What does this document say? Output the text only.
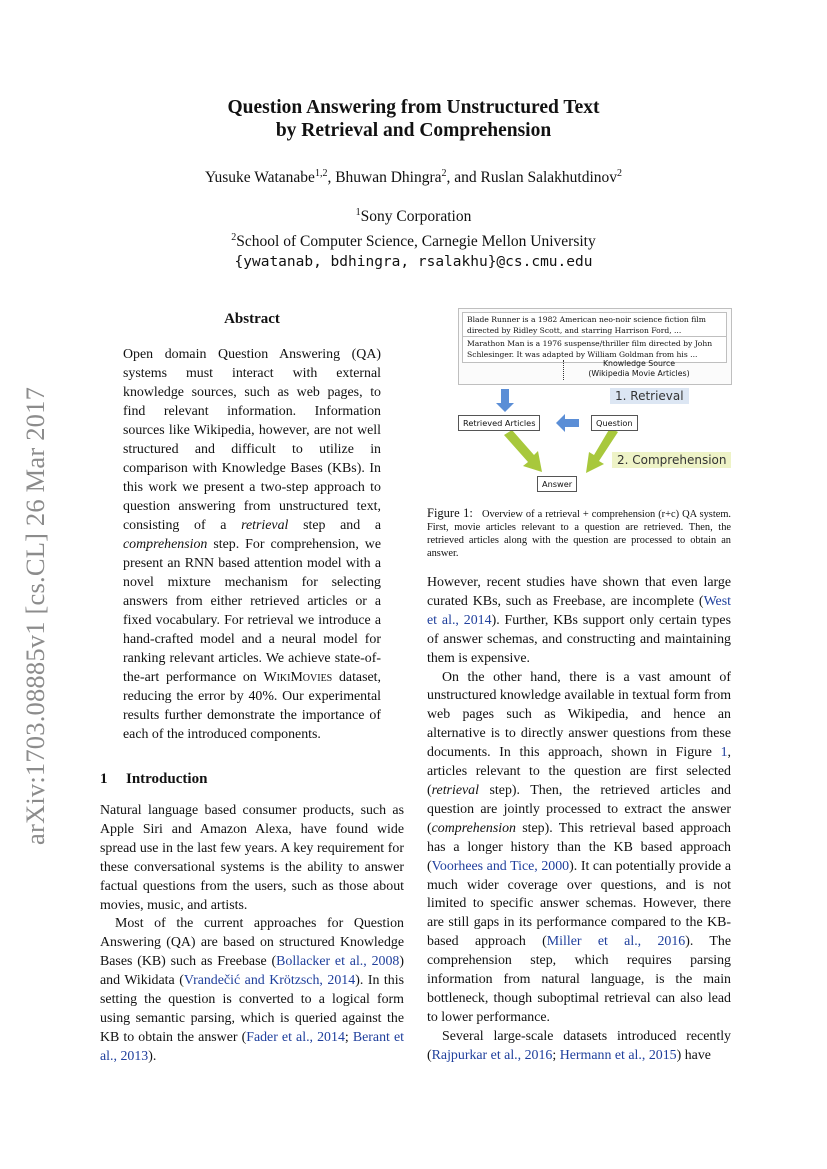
arXiv:1703.08885v1 [cs.CL] 26 Mar 2017
Question Answering from Unstructured Text
by Retrieval and Comprehension
Yusuke Watanabe$^{1,2}$, Bhuwan Dhingra$^2$, and Ruslan Salakhutdinov$^2$
$^1$Sony Corporation
$^2$School of Computer Science, Carnegie Mellon University
{ywatanab, bdhingra, rsalakhu}@cs.cmu.edu
Abstract
Open domain Question Answering (QA) systems must interact with external knowledge sources, such as web pages, to find relevant information. Information sources like Wikipedia, however, are not well structured and difficult to utilize in comparison with Knowledge Bases (KBs). In this work we present a two-step approach to question answering from unstructured text, consisting of a retrieval step and a comprehension step. For comprehension, we present an RNN based attention model with a novel mixture mechanism for selecting answers from either retrieved articles or a fixed vocabulary. For retrieval we introduce a hand-crafted model and a neural model for ranking relevant articles. We achieve state-of-the-art performance on WikiMovies dataset, reducing the error by 40%. Our experimental results further demonstrate the importance of each of the introduced components.
1 Introduction

Natural language based consumer products, such as Apple Siri and Amazon Alexa, have found wide spread use in the last few years. A key requirement for these conversational systems is the ability to answer factual questions from the users, such as those about movies, music, and artists.

Most of the current approaches for Question Answering (QA) are based on structured Knowledge Bases (KB) such as Freebase (Bollacker et al., 2008) and Wikidata (Vrandečić and Krötzsch, 2014). In this setting the question is converted to a logical form using semantic parsing, which is queried against the KB to obtain the answer (Fader et al., 2014; Berant et al., 2013).

Blade Runner is a 1982 American neo-noir science fiction film directed by Ridley Scott, and starring Harrison Ford, ...
Marathon Man is a 1976 suspense/thriller film directed by John Schlesinger. It was adapted by William Goldman from his ...
Knowledge Source
(Wikipedia Movie Articles)
Retrieved Articles	Question
Answer
1. Retrieval
2. Comprehension
Figure 1: Overview of a retrieval + comprehension (r+c) QA system. First, movie articles relevant to a question are retrieved. Then, the retrieved articles along with the question are processed to obtain an answer.

However, recent studies have shown that even large curated KBs, such as Freebase, are incomplete (West et al., 2014). Further, KBs support only certain types of answer schemas, and constructing and maintaining them is expensive.

On the other hand, there is a vast amount of unstructured knowledge available in textual form from web pages such as Wikipedia, and hence an alternative is to directly answer questions from these documents. In this approach, shown in Figure 1, articles relevant to the question are first selected (retrieval step). Then, the retrieved articles and question are jointly processed to extract the answer (comprehension step). This retrieval based approach has a longer history than the KB based approach (Voorhees and Tice, 2000). It can potentially provide a much wider coverage over questions, and is not limited to specific answer schemas. However, there are still gaps in its performance compared to the KB-based approach (Miller et al., 2016). The comprehension step, which requires parsing information from natural language, is the main bottleneck, though suboptimal retrieval can also lead to lower performance.

Several large-scale datasets introduced recently (Rajpurkar et al., 2016; Hermann et al., 2015) have
